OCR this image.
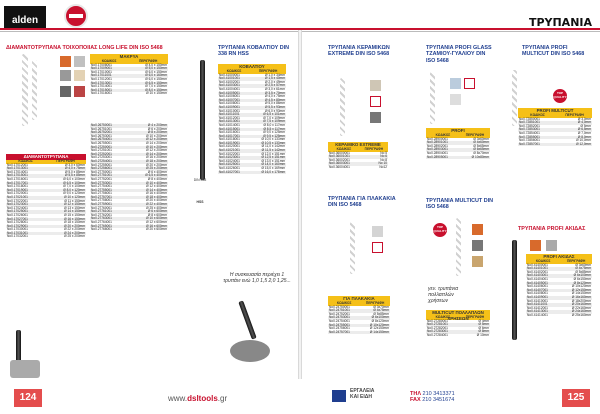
alden	ΤΡΥΠΑΝΙΑ
ΔΙΑΜΑΝΤΟΤΡΥΠΑΝΑ ΤΟΙΧΟΠΟΙΙΑΣ LONG LIFE DIN ISO 5468
ΜΑΚΡΥΑ
ΚΩΔΙΚΟΣ	ΠΕΡΙΓΡΑΦΗ
Νο0.17008001	Ø 4,0 x 150mm
Νο0.17009001	Ø 5,0 x 150mm
Νο0.17010001	Ø 6,0 x 150mm
Νο0.17011001	Ø 6,0 x 160mm
Νο0.17012001	Ø 6,0 x 150mm
Νο0.17013001	Ø 6,5 x 150mm
Νο0.17014001	Ø 7,0 x 150mm
Νο0.17015001	Ø 8,0 x 150mm
Νο0.17016001	Ø 10 x 150mm
ΔΙΑΜΑΝΤΟΤΡΥΠΑΝΑ
ΚΩΔΙΚΟΣ	ΠΕΡΙΓΡΑΦΗ
Νο0.17012001	Ø 3,0 x 60mm
Νο0.17013001	Ø 4,0 x 75mm
Νο0.17014001	Ø 5,0 x 85mm
Νο0.17015001	Ø 5,5 x 85mm
Νο0.17016001	Ø 6,0 x 100mm
Νο0.17017001	Ø 6,5 x 100mm
Νο0.17018001	Ø 7,0 x 100mm
Νο0.17019001	Ø 8,0 x 120mm
Νο0.17020001	Ø 9,0 x 120mm
Νο0.17021001	Ø 10 x 120mm
Νο0.17022001	Ø 11 x 150mm
Νο0.17023001	Ø 12 x 150mm
Νο0.17024001	Ø 13 x 150mm
Νο0.17025001	Ø 14 x 150mm
Νο0.17026001	Ø 15 x 150mm
Νο0.17027001	Ø 16 x 150mm
Νο0.17028001	Ø 18 x 150mm
Νο0.17029001	Ø 20 x 200mm
Νο0.17030001	Ø 22 x 200mm
Νο0.17031001	Ø 24 x 200mm
Νο0.17032001	Ø 25 x 200mm
Νο0.26750001	Ø 4 x 200mm
Νο0.26751001	Ø 6 x 200mm
Νο0.26752001	Ø 8 x 200mm
Νο0.26753001	Ø 10 x 200mm
Νο0.26754001	Ø 12 x 200mm
Νο0.26755001	Ø 14 x 200mm
Νο0.27250001	Ø 10 x 200mm
Νο0.27251001	Ø 12 x 200mm
Νο0.27252001	Ø 14 x 200mm
Νο0.27253001	Ø 16 x 200mm
Νο0.27254001	Ø 18 x 200mm
Νο0.27255001	Ø 20 x 200mm
Νο0.27256001	Ø 25 x 200mm
Νο0.27750001	Ø 6 x 400mm
Νο0.27751001	Ø 6,5 x 400mm
Νο0.27752001	Ø 8 x 400mm
Νο0.27753001	Ø 10 x 400mm
Νο0.27754001	Ø 12 x 400mm
Νο0.27755001	Ø 14 x 400mm
Νο0.27756001	Ø 16 x 400mm
Νο0.27757001	Ø 18 x 400mm
Νο0.27758001	Ø 20 x 400mm
Νο0.27759001	Ø 22 x 400mm
Νο0.27760001	Ø 25 x 400mm
Νο0.27761001	Ø 6 x 600mm
Νο0.27762001	Ø 8 x 600mm
Νο0.27763001	Ø 10 x 600mm
Νο0.27764001	Ø 12 x 600mm
Νο0.27765001	Ø 16 x 600mm
Νο0.27766001	Ø 20 x 600mm
ΤΡΥΠΑΝΙΑ ΚΟΒΑΛΤΙΟΥ DIN 338 RN HSS
DIN 338
HSS
ΚΟΒΑΛΤΙΟΥ
ΚΩΔΙΚΟΣ	ΠΕΡΙΓΡΑΦΗ
Νο0.41000001	Ø 1,0 x 34mm
Νο0.41001001	Ø 1,5 x 40mm
Νο0.41002001	Ø 2,0 x 49mm
Νο0.41003001	Ø 2,5 x 57mm
Νο0.41004001	Ø 3,0 x 61mm
Νο0.41005001	Ø 3,5 x 70mm
Νο0.41006001	Ø 4,0 x 75mm
Νο0.41007001	Ø 4,5 x 80mm
Νο0.41008001	Ø 5,0 x 86mm
Νο0.41009001	Ø 5,5 x 93mm
Νο0.41010001	Ø 6,0 x 93mm
Νο0.41011001	Ø 6,5 x 101mm
Νο0.41012001	Ø 7,0 x 109mm
Νο0.41013001	Ø 7,5 x 109mm
Νο0.41014001	Ø 8,0 x 117mm
Νο0.41015001	Ø 8,5 x 117mm
Νο0.41016001	Ø 9,0 x 125mm
Νο0.41017001	Ø 9,5 x 125mm
Νο0.41018001	Ø 10,0 x 133mm
Νο0.41019001	Ø 10,5 x 133mm
Νο0.41020001	Ø 11,0 x 142mm
Νο0.41021001	Ø 11,5 x 142mm
Νο0.41022001	Ø 12,0 x 151mm
Νο0.41023001	Ø 12,5 x 151mm
Νο0.41024001	Ø 13,0 x 151mm
Νο0.41025001	Ø 14,0 x 160mm
Νο0.41026001	Ø 15,0 x 169mm
Νο0.41027001	Ø 16,0 x 178mm
Η συσκευασία περιέχει 1 τρυπάνι ενώ 1,0 1,5 2,0 1,25...
ΤΡΥΠΑΝΙΑ ΚΕΡΑΜΙΚΩΝ EXTREME DIN ISO 5468
ΚΕΡΑΜΙΚΟ EXTREME
ΚΩΔΙΚΟΣ	ΠΕΡΙΓΡΑΦΗ
Νο0.36000001	Νο 5
Νο0.36001001	Νο 6
Νο0.36002001	Νο 8
Νο0.36003001	Νο 10
Νο0.36004001	Νο12
ΤΡΥΠΑΝΙΑ ΓΙΑ ΠΛΑΚΑΚΙΑ DIN ISO 5468
ΓΙΑ ΠΛΑΚΑΚΙΑ
ΚΩΔΙΚΟΣ	ΠΕΡΙΓΡΑΦΗ
Νο0.24750001	Ø 3x70mm
Νο0.24751001	Ø 4x75mm
Νο0.24752001	Ø 5x85mm
Νο0.24753001	Ø 6x100mm
Νο0.24754001	Ø 8x120mm
Νο0.24755001	Ø 10x120mm
Νο0.24756001	Ø 12x150mm
Νο0.24757001	Ø 14x150mm
ΤΡΥΠΑΝΙΑ PROFI GLASS ΤΖΑΜΙΟΥ-ΓΥΑΛΙΟΥ DIN ISO 5468
PROFI
ΚΩΔΙΚΟΣ	ΠΕΡΙΓΡΑΦΗ
Νο0.28900001	Ø 3x60mm
Νο0.28901001	Ø 4x60mm
Νο0.28902001	Ø 5x65mm
Νο0.28903001	Ø 6x65mm
Νο0.28904001	Ø 8x70mm
Νο0.28905001	Ø 10x80mm
ΤΡΥΠΑΝΙΑ MULTICUT DIN ISO 5468
TOP QUALITY
γεν. τρυπάνια πολλαπλών χρήσεων
MULTICUT ΠΟΛΛΑΠΛΩΝ ΧΡΗΣΕΩΝ
ΚΩΔΙΚΟΣ	ΠΕΡΙΓΡΑΦΗ
Νο0.27280001	Ø 4mm
Νο0.27281001	Ø 5mm
Νο0.27282001	Ø 6mm
Νο0.27283001	Ø 8mm
Νο0.27284001	Ø 10mm
ΤΡΥΠΑΝΙΑ PROFI MULTICUT DIN ISO 5468
TOP QUALITY
PROFI MULTICUT
ΚΩΔΙΚΟΣ	ΠΕΡΙΓΡΑΦΗ
Νο0.72850001	Ø 3,0mm
Νο0.72851001	Ø 4,0mm
Νο0.72852001	Ø 5mm
Νο0.72853001	Ø 6,5mm
Νο0.72854001	Ø 7,0mm
Νο0.72855001	Ø 8,0mm
Νο0.72856001	Ø 10,0mm
Νο0.72857001	Ø 12,0mm
ΤΡΥΠΑΝΙΑ PROFI ΑΚΙΔΑΣ
PROFI ΑΚΙΔΑΣ
ΚΩΔΙΚΟΣ	ΠΕΡΙΓΡΑΦΗ
Νο0.41400001	Ø 3x60mm
Νο0.41401001	Ø 4x75mm
Νο0.41402001	Ø 5x85mm
Νο0.41403001	Ø 6x100mm
Νο0.41404001	Ø 6x150mm
Νο0.41405001	Ø 8x120mm
Νο0.41406001	Ø 10x120mm
Νο0.41407001	Ø 12x150mm
Νο0.41408001	Ø 14x150mm
Νο0.41409001	Ø 16x160mm
Νο0.41410001	Ø 18x200mm
Νο0.41411001	Ø 20x160mm
Νο0.41412001	Ø 22x160mm
Νο0.41413001	Ø 24x160mm
Νο0.41414001	Ø 25x160mm
124	125
www.dsltools.gr
ΕΡΓΑΛΕΙΑ
ΚΑΙ ΕΙΔΗ	ΤΗΛ 210 3413371
FAX 210 3451674
